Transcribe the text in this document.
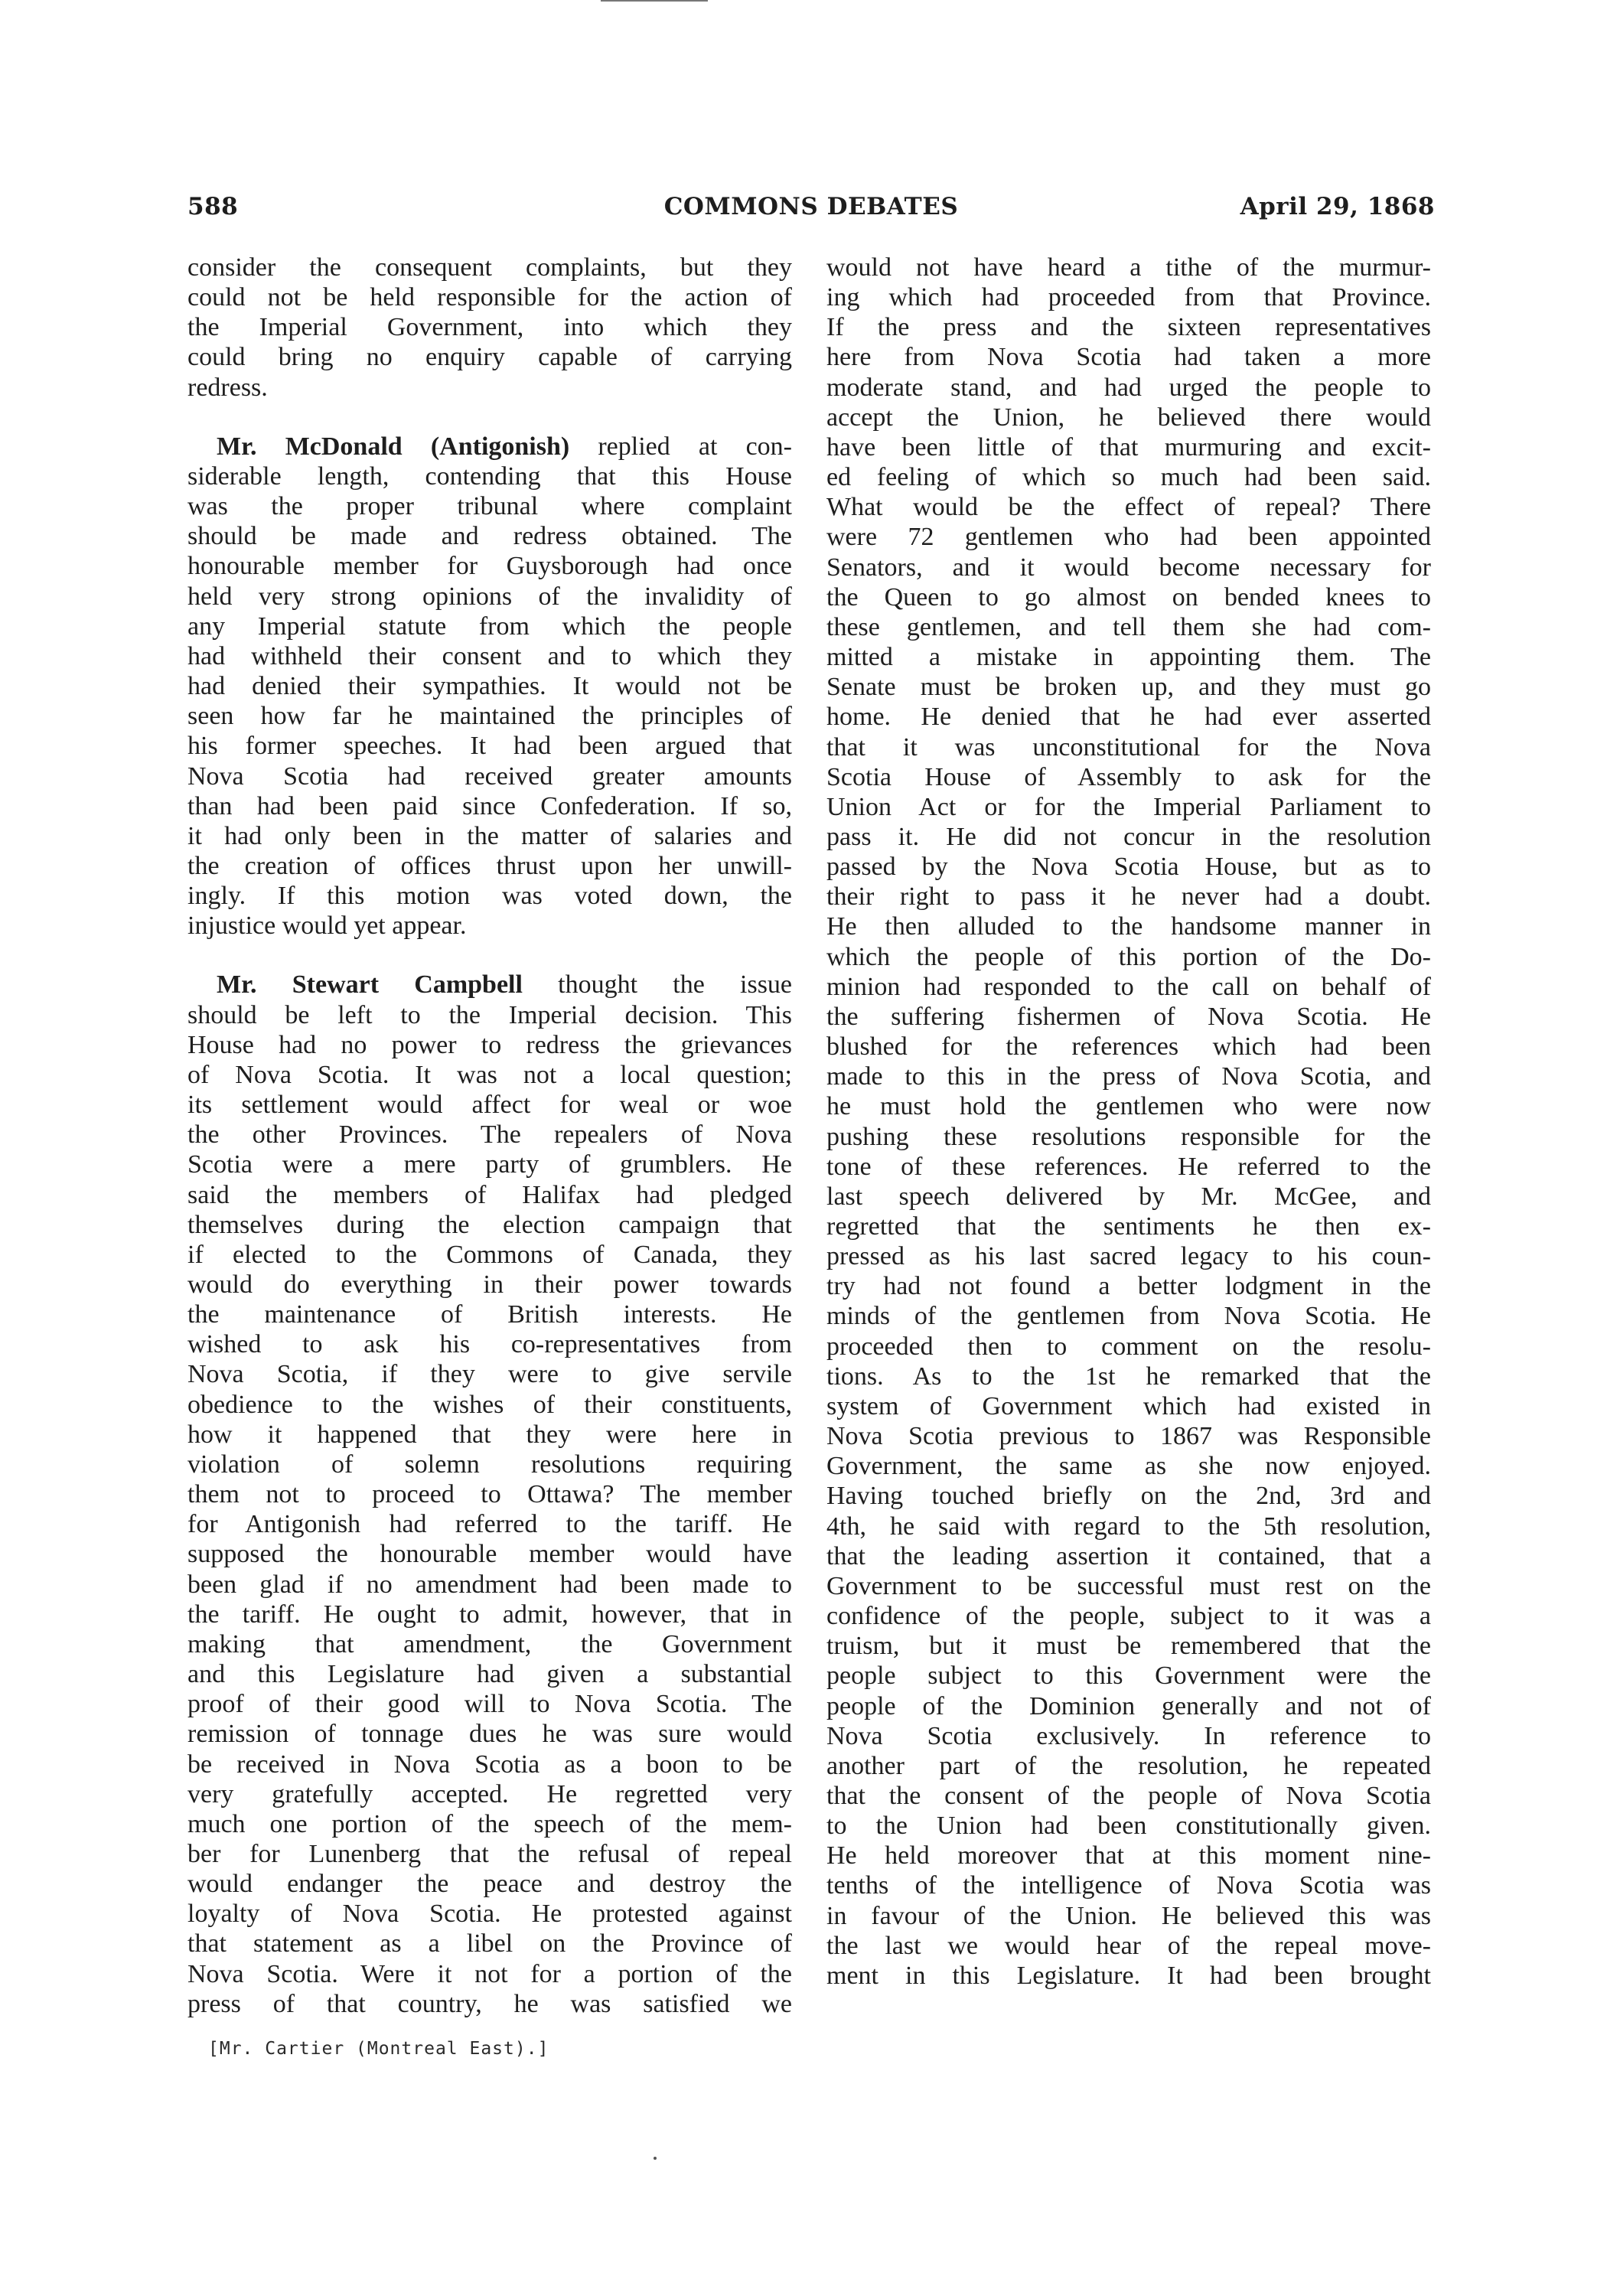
588	COMMONS DEBATES	April 29, 1868
consider the consequent complaints, but they
could not be held responsible for the action of
the Imperial Government, into which they
could bring no enquiry capable of carrying
redress.
Mr. McDonald (Antigonish) replied at con-
siderable length, contending that this House
was the proper tribunal where complaint
should be made and redress obtained. The
honourable member for Guysborough had once
held very strong opinions of the invalidity of
any Imperial statute from which the people
had withheld their consent and to which they
had denied their sympathies. It would not be
seen how far he maintained the principles of
his former speeches. It had been argued that
Nova Scotia had received greater amounts
than had been paid since Confederation. If so,
it had only been in the matter of salaries and
the creation of offices thrust upon her unwill-
ingly. If this motion was voted down, the
injustice would yet appear.
Mr. Stewart Campbell thought the issue
should be left to the Imperial decision. This
House had no power to redress the grievances
of Nova Scotia. It was not a local question;
its settlement would affect for weal or woe
the other Provinces. The repealers of Nova
Scotia were a mere party of grumblers. He
said the members of Halifax had pledged
themselves during the election campaign that
if elected to the Commons of Canada, they
would do everything in their power towards
the maintenance of British interests. He
wished to ask his co-representatives from
Nova Scotia, if they were to give servile
obedience to the wishes of their constituents,
how it happened that they were here in
violation of solemn resolutions requiring
them not to proceed to Ottawa? The member
for Antigonish had referred to the tariff. He
supposed the honourable member would have
been glad if no amendment had been made to
the tariff. He ought to admit, however, that in
making that amendment, the Government
and this Legislature had given a substantial
proof of their good will to Nova Scotia. The
remission of tonnage dues he was sure would
be received in Nova Scotia as a boon to be
very gratefully accepted. He regretted very
much one portion of the speech of the mem-
ber for Lunenberg that the refusal of repeal
would endanger the peace and destroy the
loyalty of Nova Scotia. He protested against
that statement as a libel on the Province of
Nova Scotia. Were it not for a portion of the
press of that country, he was satisfied we
would not have heard a tithe of the murmur-
ing which had proceeded from that Province.
If the press and the sixteen representatives
here from Nova Scotia had taken a more
moderate stand, and had urged the people to
accept the Union, he believed there would
have been little of that murmuring and excit-
ed feeling of which so much had been said.
What would be the effect of repeal? There
were 72 gentlemen who had been appointed
Senators, and it would become necessary for
the Queen to go almost on bended knees to
these gentlemen, and tell them she had com-
mitted a mistake in appointing them. The
Senate must be broken up, and they must go
home. He denied that he had ever asserted
that it was unconstitutional for the Nova
Scotia House of Assembly to ask for the
Union Act or for the Imperial Parliament to
pass it. He did not concur in the resolution
passed by the Nova Scotia House, but as to
their right to pass it he never had a doubt.
He then alluded to the handsome manner in
which the people of this portion of the Do-
minion had responded to the call on behalf of
the suffering fishermen of Nova Scotia. He
blushed for the references which had been
made to this in the press of Nova Scotia, and
he must hold the gentlemen who were now
pushing these resolutions responsible for the
tone of these references. He referred to the
last speech delivered by Mr. McGee, and
regretted that the sentiments he then ex-
pressed as his last sacred legacy to his coun-
try had not found a better lodgment in the
minds of the gentlemen from Nova Scotia. He
proceeded then to comment on the resolu-
tions. As to the 1st he remarked that the
system of Government which had existed in
Nova Scotia previous to 1867 was Responsible
Government, the same as she now enjoyed.
Having touched briefly on the 2nd, 3rd and
4th, he said with regard to the 5th resolution,
that the leading assertion it contained, that a
Government to be successful must rest on the
confidence of the people, subject to it was a
truism, but it must be remembered that the
people subject to this Government were the
people of the Dominion generally and not of
Nova Scotia exclusively. In reference to
another part of the resolution, he repeated
that the consent of the people of Nova Scotia
to the Union had been constitutionally given.
He held moreover that at this moment nine-
tenths of the intelligence of Nova Scotia was
in favour of the Union. He believed this was
the last we would hear of the repeal move-
ment in this Legislature. It had been brought
[Mr. Cartier (Montreal East).]
